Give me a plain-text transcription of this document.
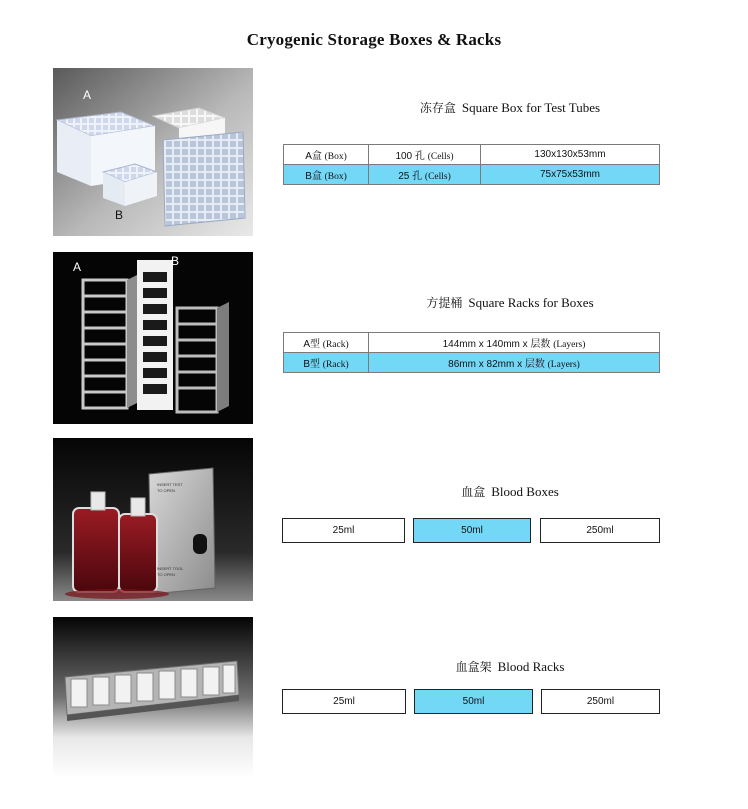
Cryogenic Storage Boxes & Racks
A
B
冻存盒 Square Box for Test Tubes
A盒 (Box)	100 孔 (Cells)	130x130x53mm
B盒 (Box)	25 孔 (Cells)	75x75x53mm
A	B
方提桶 Square Racks for Boxes
A型 (Rack)	144mm x 140mm x 层数 (Layers)
B型 (Rack)	86mm x 82mm x 层数 (Layers)
INSERT TEST
TO OPEN
INSERT TOOL
TO OPEN
血盒 Blood Boxes
25ml	50ml	250ml
血盒架 Blood Racks
25ml	50ml	250ml
